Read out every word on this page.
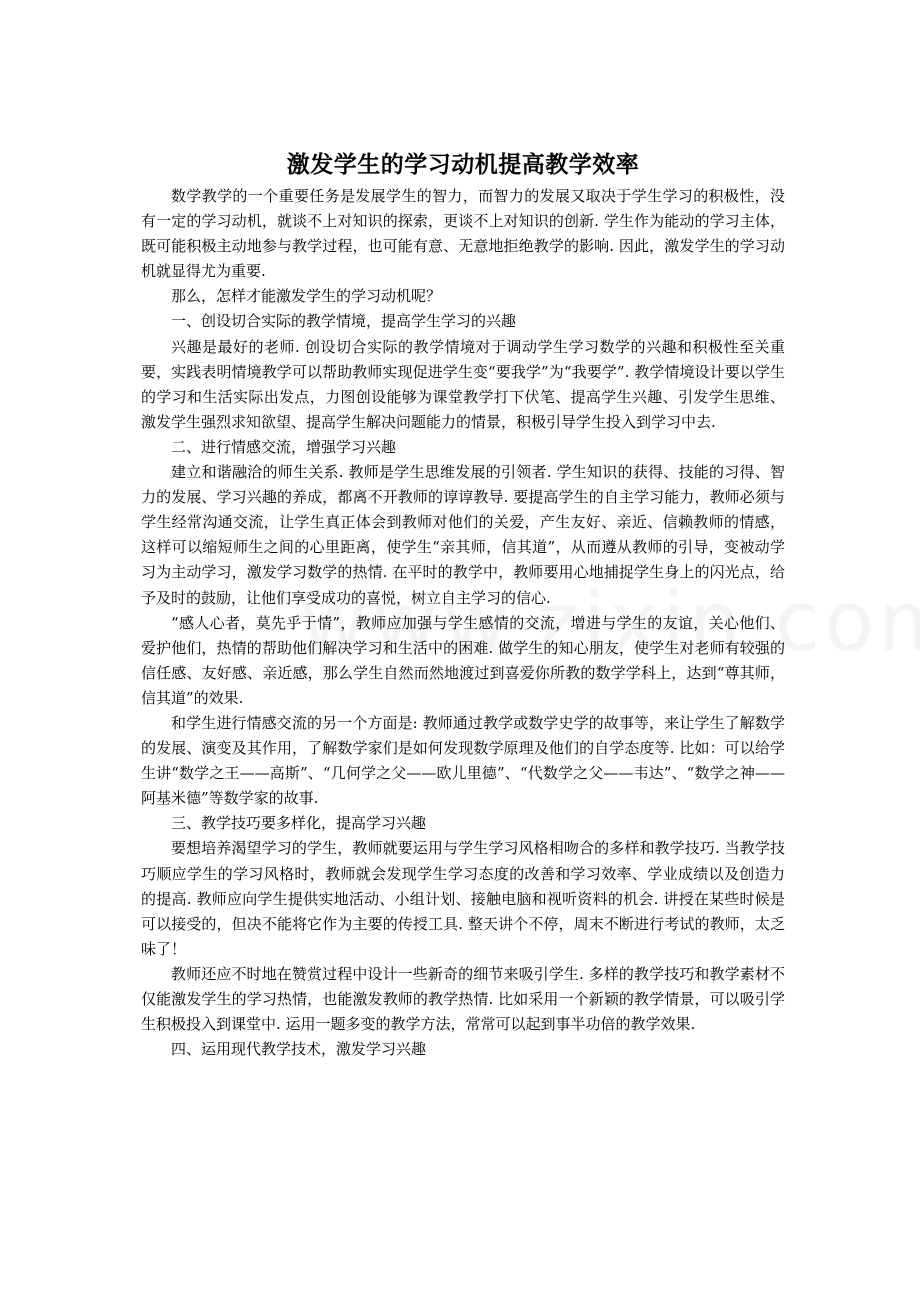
激发学生的学习动机提高教学效率

数学教学的一个重要任务是发展学生的智力，而智力的发展又取决于学生学习的积极性，没有一定的学习动机，就谈不上对知识的探索，更谈不上对知识的创新. 学生作为能动的学习主体，既可能积极主动地参与教学过程，也可能有意、无意地拒绝教学的影响. 因此，激发学生的学习动机就显得尤为重要.

那么，怎样才能激发学生的学习动机呢？

一、创设切合实际的教学情境，提高学生学习的兴趣

兴趣是最好的老师. 创设切合实际的教学情境对于调动学生学习数学的兴趣和积极性至关重要，实践表明情境教学可以帮助教师实现促进学生变“要我学”为“我要学”. 教学情境设计要以学生的学习和生活实际出发点，力图创设能够为课堂教学打下伏笔、提高学生兴趣、引发学生思维、激发学生强烈求知欲望、提高学生解决问题能力的情景，积极引导学生投入到学习中去.

二、进行情感交流，增强学习兴趣

建立和谐融洽的师生关系. 教师是学生思维发展的引领者. 学生知识的获得、技能的习得、智力的发展、学习兴趣的养成，都离不开教师的谆谆教导. 要提高学生的自主学习能力，教师必须与学生经常沟通交流，让学生真正体会到教师对他们的关爱，产生友好、亲近、信赖教师的情感，这样可以缩短师生之间的心里距离，使学生“亲其师，信其道”，从而遵从教师的引导，变被动学习为主动学习，激发学习数学的热情. 在平时的教学中，教师要用心地捕捉学生身上的闪光点，给予及时的鼓励，让他们享受成功的喜悦，树立自主学习的信心.

“感人心者，莫先乎于情”，教师应加强与学生感情的交流，增进与学生的友谊，关心他们、爱护他们，热情的帮助他们解决学习和生活中的困难. 做学生的知心朋友，使学生对老师有较强的信任感、友好感、亲近感，那么学生自然而然地渡过到喜爱你所教的数学学科上，达到“尊其师，信其道”的效果.

和学生进行情感交流的另一个方面是: 教师通过教学或数学史学的故事等，来让学生了解数学的发展、演变及其作用，了解数学家们是如何发现数学原理及他们的自学态度等. 比如：可以给学生讲“数学之王——高斯”、“几何学之父——欧儿里德”、“代数学之父——韦达”、“数学之神——阿基米德”等数学家的故事.

三、教学技巧要多样化，提高学习兴趣

要想培养渴望学习的学生，教师就要运用与学生学习风格相吻合的多样和教学技巧. 当教学技巧顺应学生的学习风格时，教师就会发现学生学习态度的改善和学习效率、学业成绩以及创造力的提高. 教师应向学生提供实地活动、小组计划、接触电脑和视听资料的机会. 讲授在某些时候是可以接受的，但决不能将它作为主要的传授工具. 整天讲个不停，周末不断进行考试的教师，太乏味了！

教师还应不时地在赞赏过程中设计一些新奇的细节来吸引学生. 多样的教学技巧和教学素材不仅能激发学生的学习热情，也能激发教师的教学热情. 比如采用一个新颖的教学情景，可以吸引学生积极投入到课堂中. 运用一题多变的教学方法，常常可以起到事半功倍的教学效果.

四、运用现代教学技术，激发学习兴趣
